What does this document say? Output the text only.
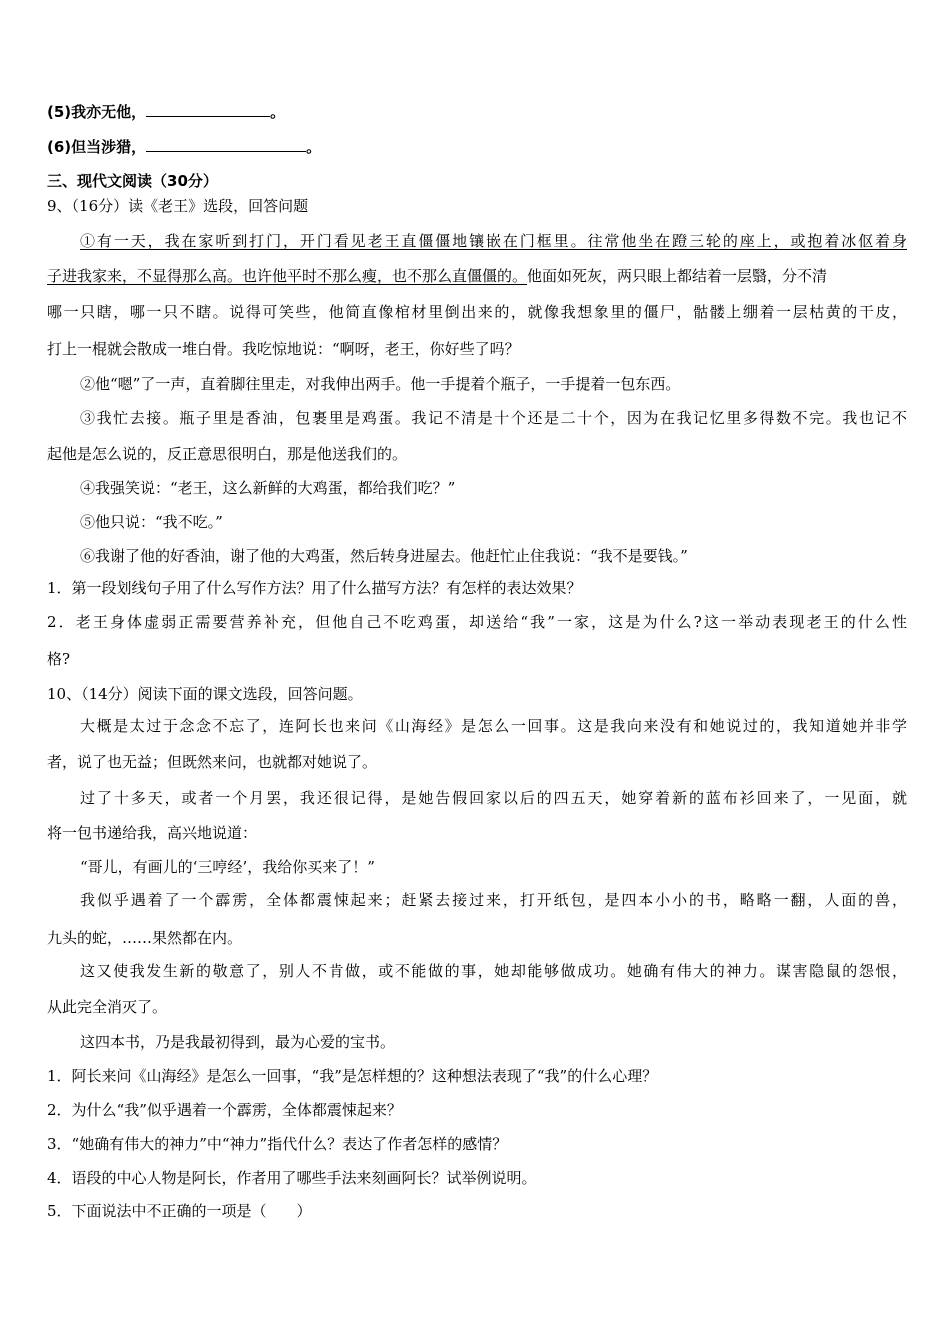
(5)我亦无他，	。
(6)但当涉猎，	。
三、现代文阅读（30分）
9、（16分）读《老王》选段，回答问题
①有一天，我在家听到打门，开门看见老王直僵僵地镶嵌在门框里。往常他坐在蹬三轮的座上，或抱着冰伛着身
子进我家来，不显得那么高。也许他平时不那么瘦，也不那么直僵僵的。他面如死灰，两只眼上都结着一层翳，分不清
哪一只瞎，哪一只不瞎。说得可笑些，他简直像棺材里倒出来的，就像我想象里的僵尸，骷髅上绷着一层枯黄的干皮，
打上一棍就会散成一堆白骨。我吃惊地说：“啊呀，老王，你好些了吗？
②他“嗯”了一声，直着脚往里走，对我伸出两手。他一手提着个瓶子，一手提着一包东西。
③我忙去接。瓶子里是香油，包裹里是鸡蛋。我记不清是十个还是二十个，因为在我记忆里多得数不完。我也记不
起他是怎么说的，反正意思很明白，那是他送我们的。
④我强笑说：“老王，这么新鲜的大鸡蛋，都给我们吃？”
⑤他只说：“我不吃。”
⑥我谢了他的好香油，谢了他的大鸡蛋，然后转身进屋去。他赶忙止住我说：“我不是要钱。”
1．第一段划线句子用了什么写作方法？用了什么描写方法？有怎样的表达效果？
2．老王身体虚弱正需要营养补充，但他自己不吃鸡蛋，却送给“我”一家，这是为什么?这一举动表现老王的什么性
格?
10、（14分）阅读下面的课文选段，回答问题。
大概是太过于念念不忘了，连阿长也来问《山海经》是怎么一回事。这是我向来没有和她说过的，我知道她并非学
者，说了也无益；但既然来问，也就都对她说了。
过了十多天，或者一个月罢，我还很记得，是她告假回家以后的四五天，她穿着新的蓝布衫回来了，一见面，就
将一包书递给我，高兴地说道：
“哥儿，有画儿的‘三哼经’，我给你买来了！”
我似乎遇着了一个霹雳，全体都震悚起来；赶紧去接过来，打开纸包，是四本小小的书，略略一翻，人面的兽，
九头的蛇，……果然都在内。
这又使我发生新的敬意了，别人不肯做，或不能做的事，她却能够做成功。她确有伟大的神力。谋害隐鼠的怨恨，
从此完全消灭了。
这四本书，乃是我最初得到，最为心爱的宝书。
1．阿长来问《山海经》是怎么一回事，“我”是怎样想的？这种想法表现了“我”的什么心理？
2．为什么“我”似乎遇着一个霹雳，全体都震悚起来？
3．“她确有伟大的神力”中“神力”指代什么？表达了作者怎样的感情？
4．语段的中心人物是阿长，作者用了哪些手法来刻画阿长？试举例说明。
5．下面说法中不正确的一项是（　　）
